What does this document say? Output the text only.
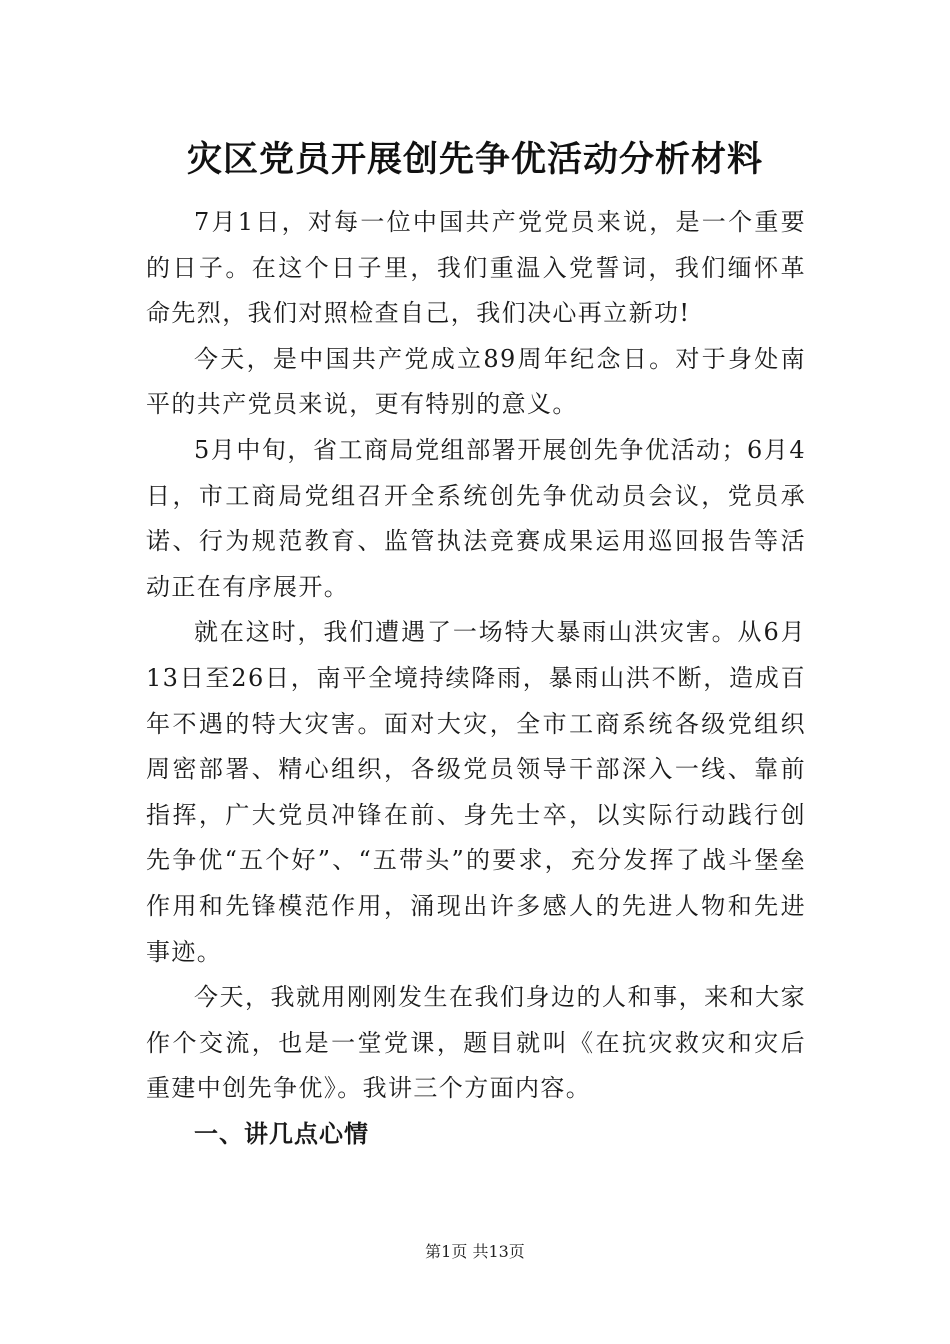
灾区党员开展创先争优活动分析材料

7月1日，对每一位中国共产党党员来说，是一个重要的日子。在这个日子里，我们重温入党誓词，我们缅怀革命先烈，我们对照检查自己，我们决心再立新功!

今天，是中国共产党成立89周年纪念日。对于身处南平的共产党员来说，更有特别的意义。

5月中旬，省工商局党组部署开展创先争优活动；6月4日，市工商局党组召开全系统创先争优动员会议，党员承诺、行为规范教育、监管执法竞赛成果运用巡回报告等活动正在有序展开。

就在这时，我们遭遇了一场特大暴雨山洪灾害。从6月13日至26日，南平全境持续降雨，暴雨山洪不断，造成百年不遇的特大灾害。面对大灾，全市工商系统各级党组织周密部署、精心组织，各级党员领导干部深入一线、靠前指挥，广大党员冲锋在前、身先士卒，以实际行动践行创先争优“五个好”、“五带头”的要求，充分发挥了战斗堡垒作用和先锋模范作用，涌现出许多感人的先进人物和先进事迹。

今天，我就用刚刚发生在我们身边的人和事，来和大家作个交流，也是一堂党课，题目就叫《在抗灾救灾和灾后重建中创先争优》。我讲三个方面内容。

一、讲几点心情

第1页 共13页
